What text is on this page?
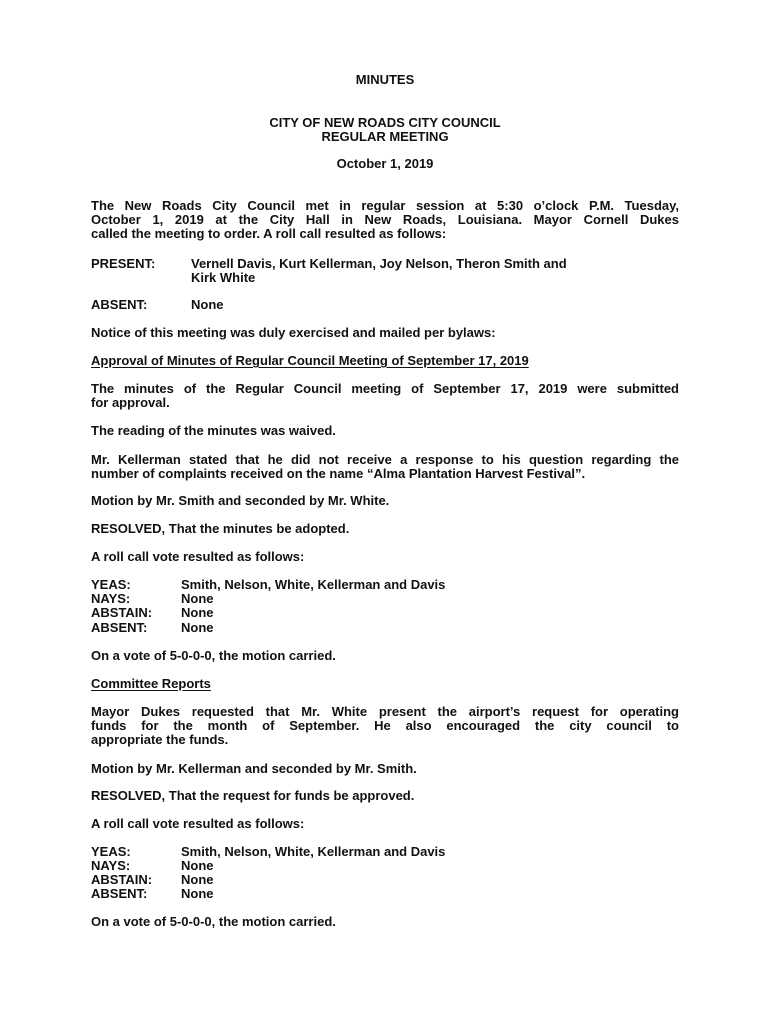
MINUTES
CITY OF NEW ROADS CITY COUNCIL
REGULAR MEETING
October 1, 2019
The New Roads City Council met in regular session at 5:30 o’clock P.M. Tuesday,
October 1, 2019 at the City Hall in New Roads, Louisiana. Mayor Cornell Dukes
called the meeting to order. A roll call resulted as follows:
PRESENT:	Vernell Davis, Kurt Kellerman, Joy Nelson, Theron Smith and
Kirk White
ABSENT:	None
Notice of this meeting was duly exercised and mailed per bylaws:
Approval of Minutes of Regular Council Meeting of September 17, 2019
The minutes of the Regular Council meeting of September 17, 2019 were submitted
for approval.
The reading of the minutes was waived.
Mr. Kellerman stated that he did not receive a response to his question regarding the
number of complaints received on the name “Alma Plantation Harvest Festival”.
Motion by Mr. Smith and seconded by Mr. White.
RESOLVED, That the minutes be adopted.
A roll call vote resulted as follows:
YEAS:	Smith, Nelson, White, Kellerman and Davis
NAYS:	None
ABSTAIN: None
ABSENT:	None
On a vote of 5-0-0-0, the motion carried.
Committee Reports
Mayor Dukes requested that Mr. White present the airport’s request for operating
funds for the month of September. He also encouraged the city council to
appropriate the funds.
Motion by Mr. Kellerman and seconded by Mr. Smith.
RESOLVED, That the request for funds be approved.
A roll call vote resulted as follows:
YEAS:	Smith, Nelson, White, Kellerman and Davis
NAYS:	None
ABSTAIN: None
ABSENT:	None
On a vote of 5-0-0-0, the motion carried.
